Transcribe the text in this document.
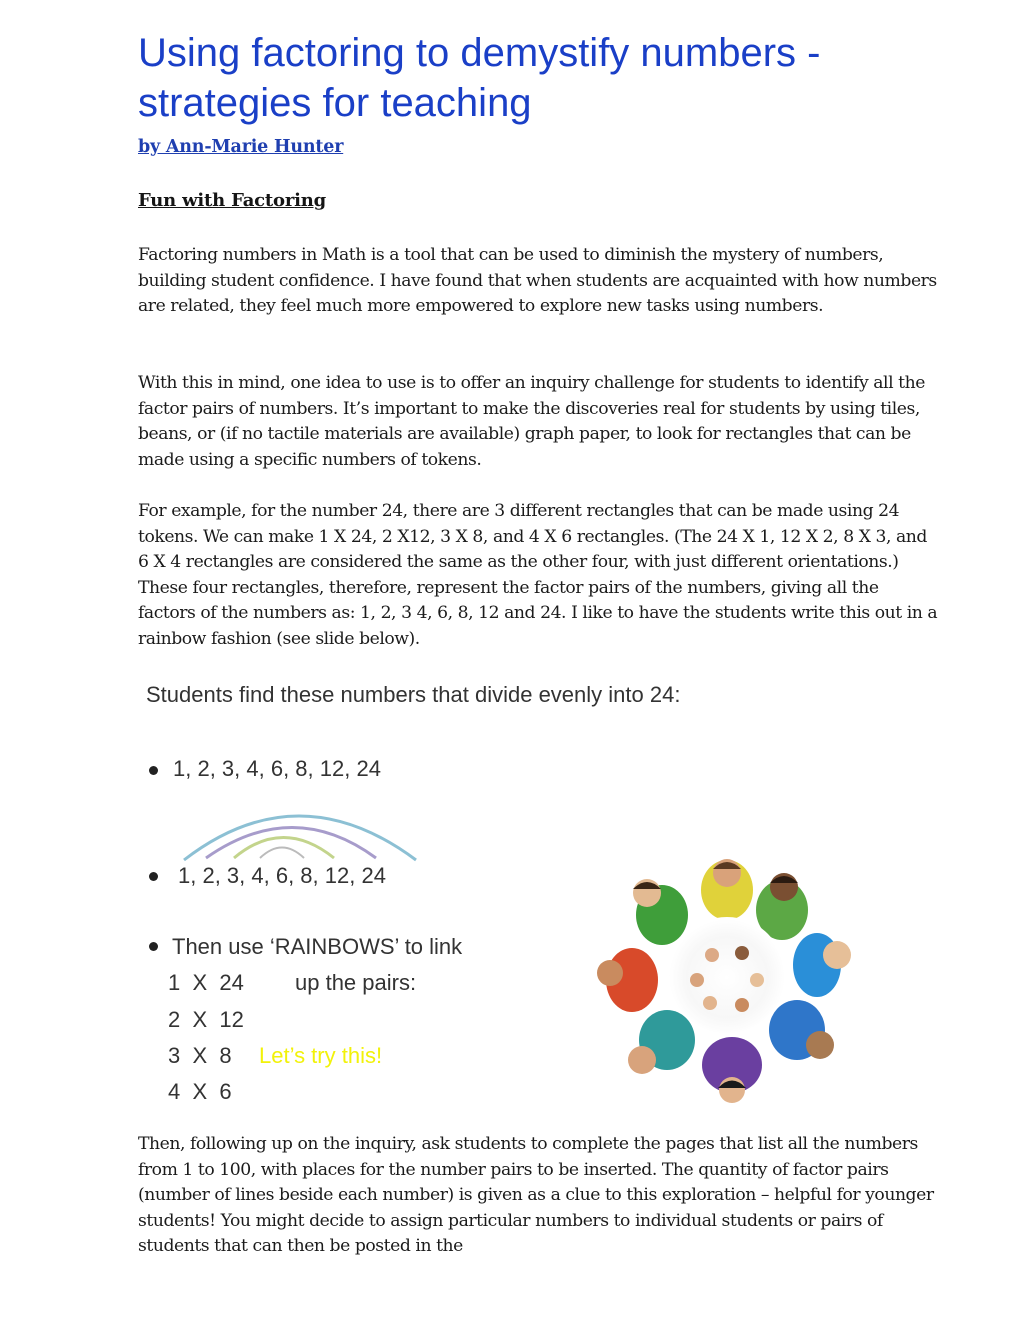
Using factoring to demystify numbers - strategies for teaching

by Ann-Marie Hunter

Fun with Factoring

Factoring numbers in Math is a tool that can be used to diminish the mystery of numbers, building student confidence. I have found that when students are acquainted with how numbers are related, they feel much more empowered to explore new tasks using numbers.

With this in mind, one idea to use is to offer an inquiry challenge for students to identify all the factor pairs of numbers. It’s important to make the discoveries real for students by using tiles, beans, or (if no tactile materials are available) graph paper, to look for rectangles that can be made using a specific numbers of tokens.

For example, for the number 24, there are 3 different rectangles that can be made using 24 tokens. We can make 1 X 24, 2 X12, 3 X 8, and 4 X 6 rectangles. (The 24 X 1, 12 X 2, 8 X 3, and 6 X 4 rectangles are considered the same as the other four, with just different orientations.) These four rectangles, therefore, represent the factor pairs of the numbers, giving all the factors of the numbers as: 1, 2, 3 4, 6, 8, 12 and 24. I like to have the students write this out in a rainbow fashion (see slide below).

Students find these numbers that divide evenly into 24:
1, 2, 3, 4, 6, 8, 12, 24
1, 2, 3, 4, 6, 8, 12, 24
Then use ‘RAINBOWS’ to link
1  X  24 up the pairs:
2  X  12
3  X  8 Let’s try this!
4  X  6

Then, following up on the inquiry, ask students to complete the pages that list all the numbers from 1 to 100, with places for the number pairs to be inserted. The quantity of factor pairs (number of lines beside each number) is given as a clue to this exploration – helpful for younger students! You might decide to assign particular numbers to individual students or pairs of students that can then be posted in the
